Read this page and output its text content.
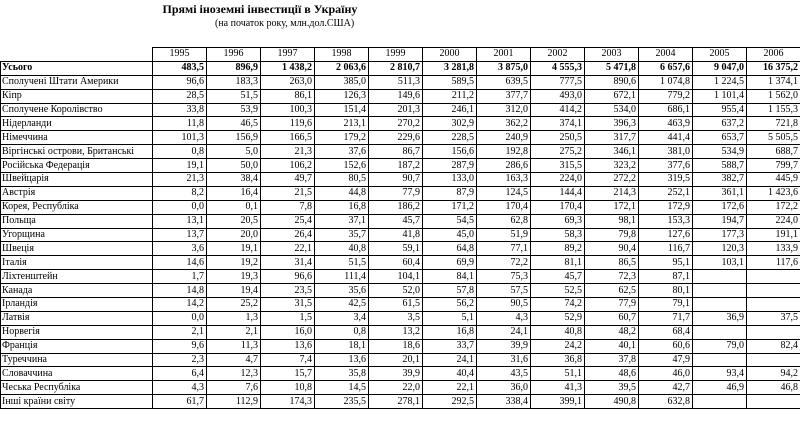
Прямі іноземні інвестиції в Україну
(на початок року, млн.дол.США)
	1995	1996	1997	1998	1999	2000	2001	2002	2003	2004	2005	2006
Усього	483,5	896,9	1 438,2	2 063,6	2 810,7	3 281,8	3 875,0	4 555,3	5 471,8	6 657,6	9 047,0	16 375,2
Сполучені Штати Америки	96,6	183,3	263,0	385,0	511,3	589,5	639,5	777,5	890,6	1 074,8	1 224,5	1 374,1
Кіпр	28,5	51,5	86,1	126,3	149,6	211,2	377,7	493,0	672,1	779,2	1 101,4	1 562,0
Сполучене Королівство	33,8	53,9	100,3	151,4	201,3	246,1	312,0	414,2	534,0	686,1	955,4	1 155,3
Нідерланди	11,8	46,5	119,6	213,1	270,2	302,9	362,2	374,1	396,3	463,9	637,2	721,8
Німеччина	101,3	156,9	166,5	179,2	229,6	228,5	240,9	250,5	317,7	441,4	653,7	5 505,5
Віргінські острови, Британські	0,8	5,0	21,3	37,6	86,7	156,6	192,8	275,2	346,1	381,0	534,9	688,7
Російська Федерація	19,1	50,0	106,2	152,6	187,2	287,9	286,6	315,5	323,2	377,6	588,7	799,7
Швейцарія	21,3	38,4	49,7	80,5	90,7	133,0	163,3	224,0	272,2	319,5	382,7	445,9
Австрія	8,2	16,4	21,5	44,8	77,9	87,9	124,5	144,4	214,3	252,1	361,1	1 423,6
Корея, Республіка	0,0	0,1	7,8	16,8	186,2	171,2	170,4	170,4	172,1	172,9	172,6	172,2
Польща	13,1	20,5	25,4	37,1	45,7	54,5	62,8	69,3	98,1	153,3	194,7	224,0
Угорщина	13,7	20,0	26,4	35,7	41,8	45,0	51,9	58,3	79,8	127,6	177,3	191,1
Швеція	3,6	19,1	22,1	40,8	59,1	64,8	77,1	89,2	90,4	116,7	120,3	133,9
Італія	14,6	19,2	31,4	51,5	60,4	69,9	72,2	81,1	86,5	95,1	103,1	117,6
Ліхтенштейн	1,7	19,3	96,6	111,4	104,1	84,1	75,3	45,7	72,3	87,1		
Канада	14,8	19,4	23,5	35,6	52,0	57,8	57,5	52,5	62,5	80,1		
Ірландія	14,2	25,2	31,5	42,5	61,5	56,2	90,5	74,2	77,9	79,1		
Латвія	0,0	1,3	1,5	3,4	3,5	5,1	4,3	52,9	60,7	71,7	36,9	37,5
Норвегія	2,1	2,1	16,0	0,8	13,2	16,8	24,1	40,8	48,2	68,4		
Франція	9,6	11,3	13,6	18,1	18,6	33,7	39,9	24,2	40,1	60,6	79,0	82,4
Туреччина	2,3	4,7	7,4	13,6	20,1	24,1	31,6	36,8	37,8	47,9		
Словаччина	6,4	12,3	15,7	35,8	39,9	40,4	43,5	51,1	48,6	46,0	93,4	94,2
Чеська Республіка	4,3	7,6	10,8	14,5	22,0	22,1	36,0	41,3	39,5	42,7	46,9	46,8
Інші країни світу	61,7	112,9	174,3	235,5	278,1	292,5	338,4	399,1	490,8	632,8		
